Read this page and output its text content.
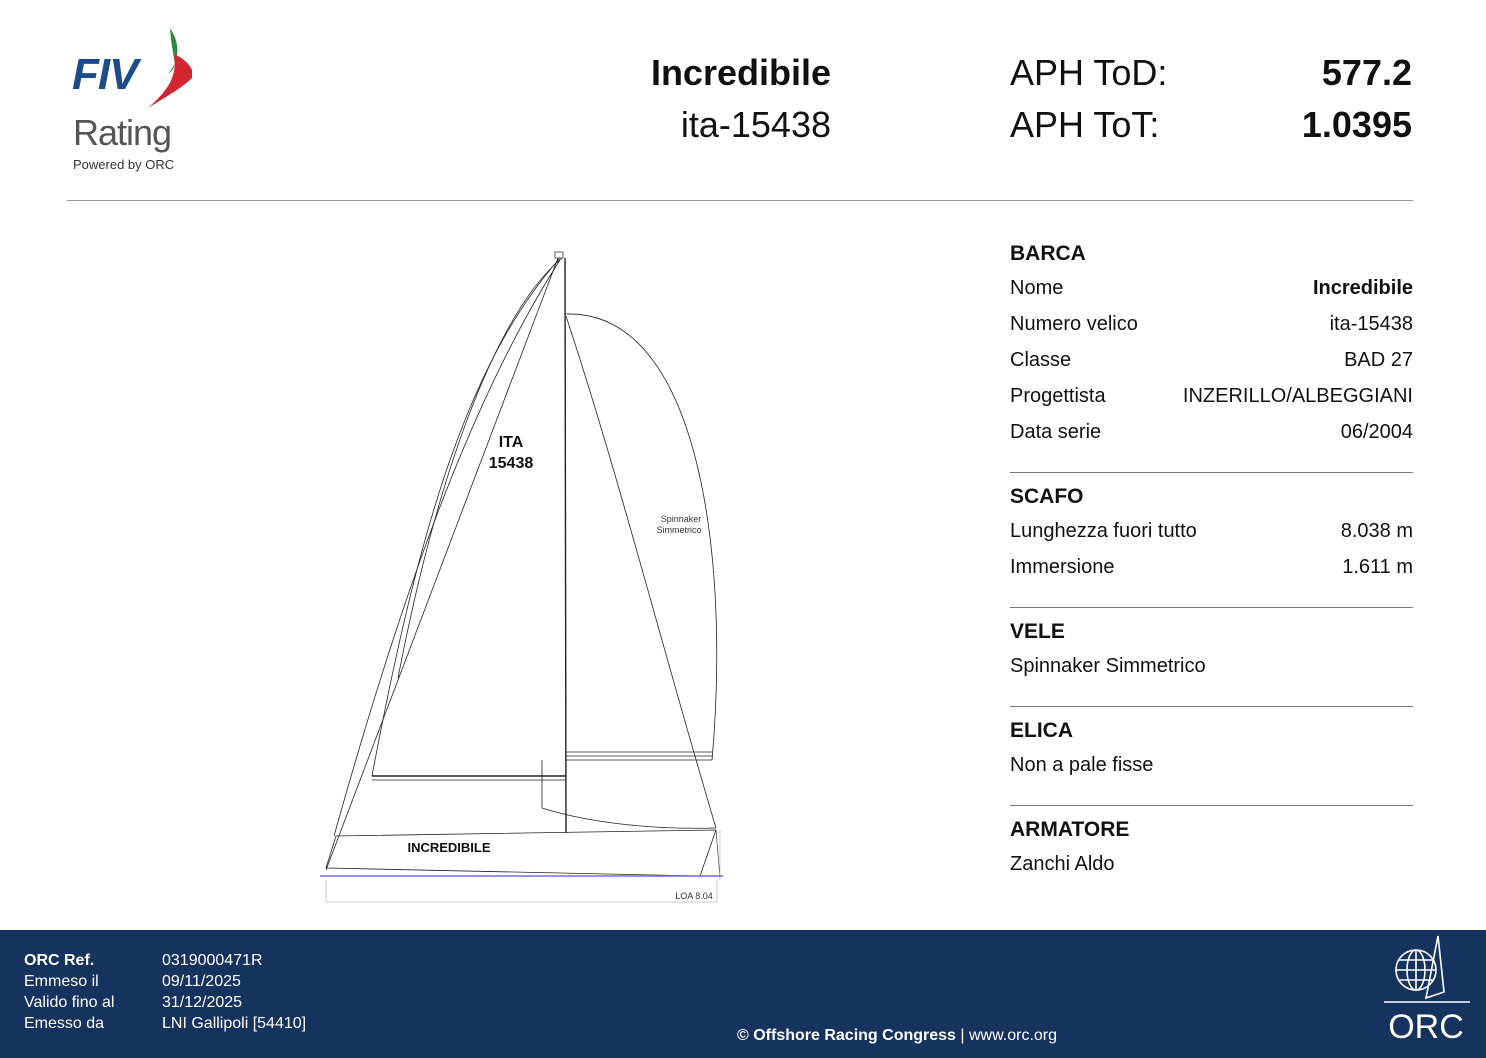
FIV
Rating
Powered by ORC
Incredibile
ita-15438
APH ToD:	577.2
APH ToT:	1.0395
ITA
15438
Spinnaker
Simmetrico
INCREDIBILE
LOA 8.04
BARCA
Nome	Incredibile
Numero velico	ita-15438
Classe	BAD 27
Progettista	INZERILLO/ALBEGGIANI
Data serie	06/2004
SCAFO
Lunghezza fuori tutto	8.038 m
Immersione	1.611 m
VELE
Spinnaker Simmetrico
ELICA
Non a pale fisse
ARMATORE
Zanchi Aldo
ORC Ref.	0319000471R
Emmeso il	09/11/2025
Valido fino al	31/12/2025
Emesso da	LNI Gallipoli [54410]
© Offshore Racing Congress | www.orc.org	ORC
